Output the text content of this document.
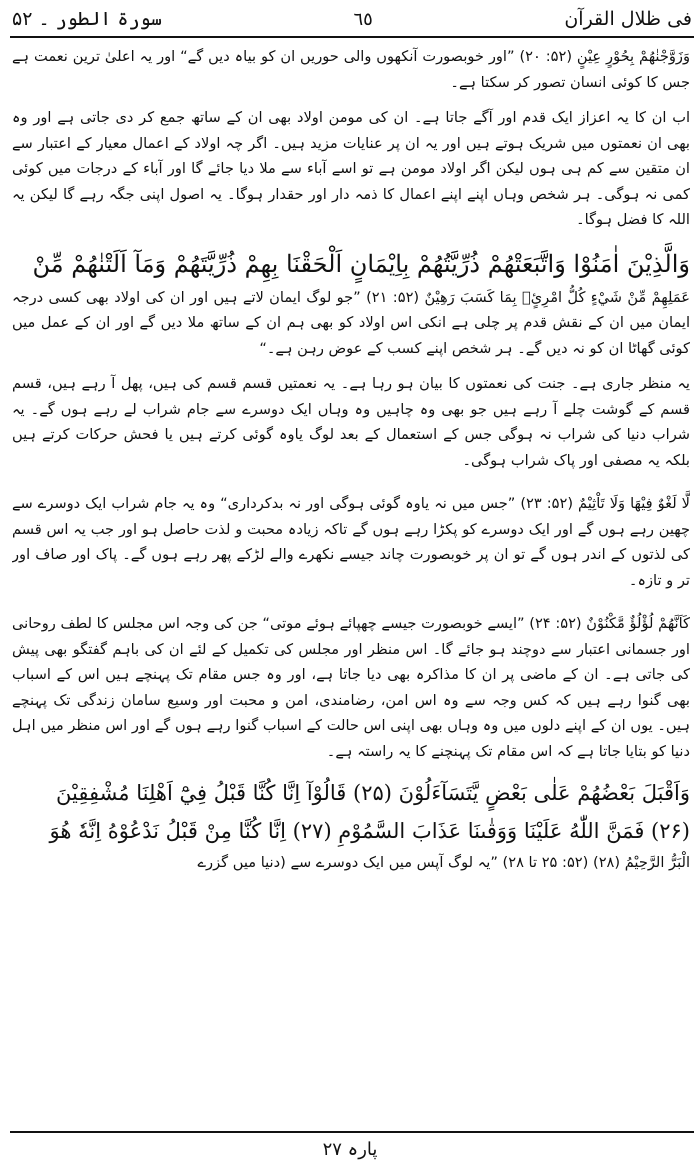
فی ظلال القرآن
٦٥
سورۃ الطور ۔ ۵۲

وَزَوَّجْنٰهُمْ بِحُوْرٍ عِيْنٍ (۵۲: ۲۰) ”اور خوبصورت آنکھوں والی حوریں ان کو بیاہ دیں گے“ اور یہ اعلیٰ ترین نعمت ہے جس کا کوئی انسان تصور کر سکتا ہے۔

اب ان کا یہ اعزاز ایک قدم اور آگے جاتا ہے۔ ان کی مومن اولاد بھی ان کے ساتھ جمع کر دی جاتی ہے اور وہ بھی ان نعمتوں میں شریک ہوتے ہیں اور یہ ان پر عنایات مزید ہیں۔ اگر چہ اولاد کے اعمال معیار کے اعتبار سے ان متقین سے کم ہی ہوں لیکن اگر اولاد مومن ہے تو اسے آباء سے ملا دیا جائے گا اور آباء کے درجات میں کوئی کمی نہ ہوگی۔ ہر شخص وہاں اپنے اپنے اعمال کا ذمہ دار اور حقدار ہوگا۔ یہ اصول اپنی جگہ رہے گا لیکن یہ اللہ کا فضل ہوگا۔

وَالَّذِيْنَ اٰمَنُوْا وَاتَّبَعَتْهُمْ ذُرِّيَّتُهُمْ بِاِيْمَانٍ اَلْحَقْنَا بِهِمْ ذُرِّيَّتَهُمْ وَمَآ اَلَتْنٰهُمْ مِّنْ

عَمَلِهِمْ مِّنْ شَيْءٍ كُلُّ امْرِئٍۢ بِمَا كَسَبَ رَهِيْنٌ (۵۲: ۲۱) ”جو لوگ ایمان لاتے ہیں اور ان کی اولاد بھی کسی درجہ ایمان میں ان کے نقش قدم پر چلی ہے انکی اس اولاد کو بھی ہم ان کے ساتھ ملا دیں گے اور ان کے عمل میں کوئی گھاٹا ان کو نہ دیں گے۔ ہر شخص اپنے کسب کے عوض رہن ہے۔“

یہ منظر جاری ہے۔ جنت کی نعمتوں کا بیان ہو رہا ہے۔ یہ نعمتیں قسم قسم کی ہیں، پھل آ رہے ہیں، قسم قسم کے گوشت چلے آ رہے ہیں جو بھی وہ چاہیں وہ وہاں ایک دوسرے سے جام شراب لے رہے ہوں گے۔ یہ شراب دنیا کی شراب نہ ہوگی جس کے استعمال کے بعد لوگ یاوہ گوئی کرتے ہیں یا فحش حرکات کرتے ہیں بلکہ یہ مصفی اور پاک شراب ہوگی۔

لَّا لَغْوٌ فِيْهَا وَلَا تَاْثِيْمٌ (۵۲: ۲۳) ”جس میں نہ یاوہ گوئی ہوگی اور نہ بدکرداری“ وہ یہ جام شراب ایک دوسرے سے چھین رہے ہوں گے اور ایک دوسرے کو پکڑا رہے ہوں گے تاکہ زیادہ محبت و لذت حاصل ہو اور جب یہ اس قسم کی لذتوں کے اندر ہوں گے تو ان پر خوبصورت چاند جیسے نکھرے والے لڑکے پھر رہے ہوں گے۔ پاک اور صاف اور تر و تازہ۔

كَاَنَّهُمْ لُؤْلُؤٌ مَّكْنُوْنٌ (۵۲: ۲۴) ”ایسے خوبصورت جیسے چھپائے ہوئے موتی“ جن کی وجہ اس مجلس کا لطف روحانی اور جسمانی اعتبار سے دوچند ہو جائے گا۔ اس منظر اور مجلس کی تکمیل کے لئے ان کی باہم گفتگو بھی پیش کی جاتی ہے۔ ان کے ماضی پر ان کا مذاکرہ بھی دیا جاتا ہے، اور وہ جس مقام تک پہنچے ہیں اس کے اسباب بھی گنوا رہے ہیں کہ کس وجہ سے وہ اس امن، رضامندی، امن و محبت اور وسیع سامان زندگی تک پہنچے ہیں۔ یوں ان کے اپنے دلوں میں وہ وہاں بھی اپنی اس حالت کے اسباب گنوا رہے ہوں گے اور اس منظر میں اہل دنیا کو بتایا جاتا ہے کہ اس مقام تک پہنچنے کا یہ راستہ ہے۔

وَاَقْبَلَ بَعْضُهُمْ عَلٰى بَعْضٍ يَّتَسَآءَلُوْنَ (۲۵) قَالُوْآ اِنَّا كُنَّا قَبْلُ فِيْٓ اَهْلِنَا مُشْفِقِيْنَ

(۲۶) فَمَنَّ اللّٰهُ عَلَيْنَا وَوَقٰىنَا عَذَابَ السَّمُوْمِ (۲۷) اِنَّا كُنَّا مِنْ قَبْلُ نَدْعُوْهُ اِنَّهٗ هُوَ

الْبَرُّ الرَّحِيْمُ (۲۸) (۵۲: ۲۵ تا ۲۸) ”یہ لوگ آپس میں ایک دوسرے سے (دنیا میں گزرے

پارہ ۲۷
